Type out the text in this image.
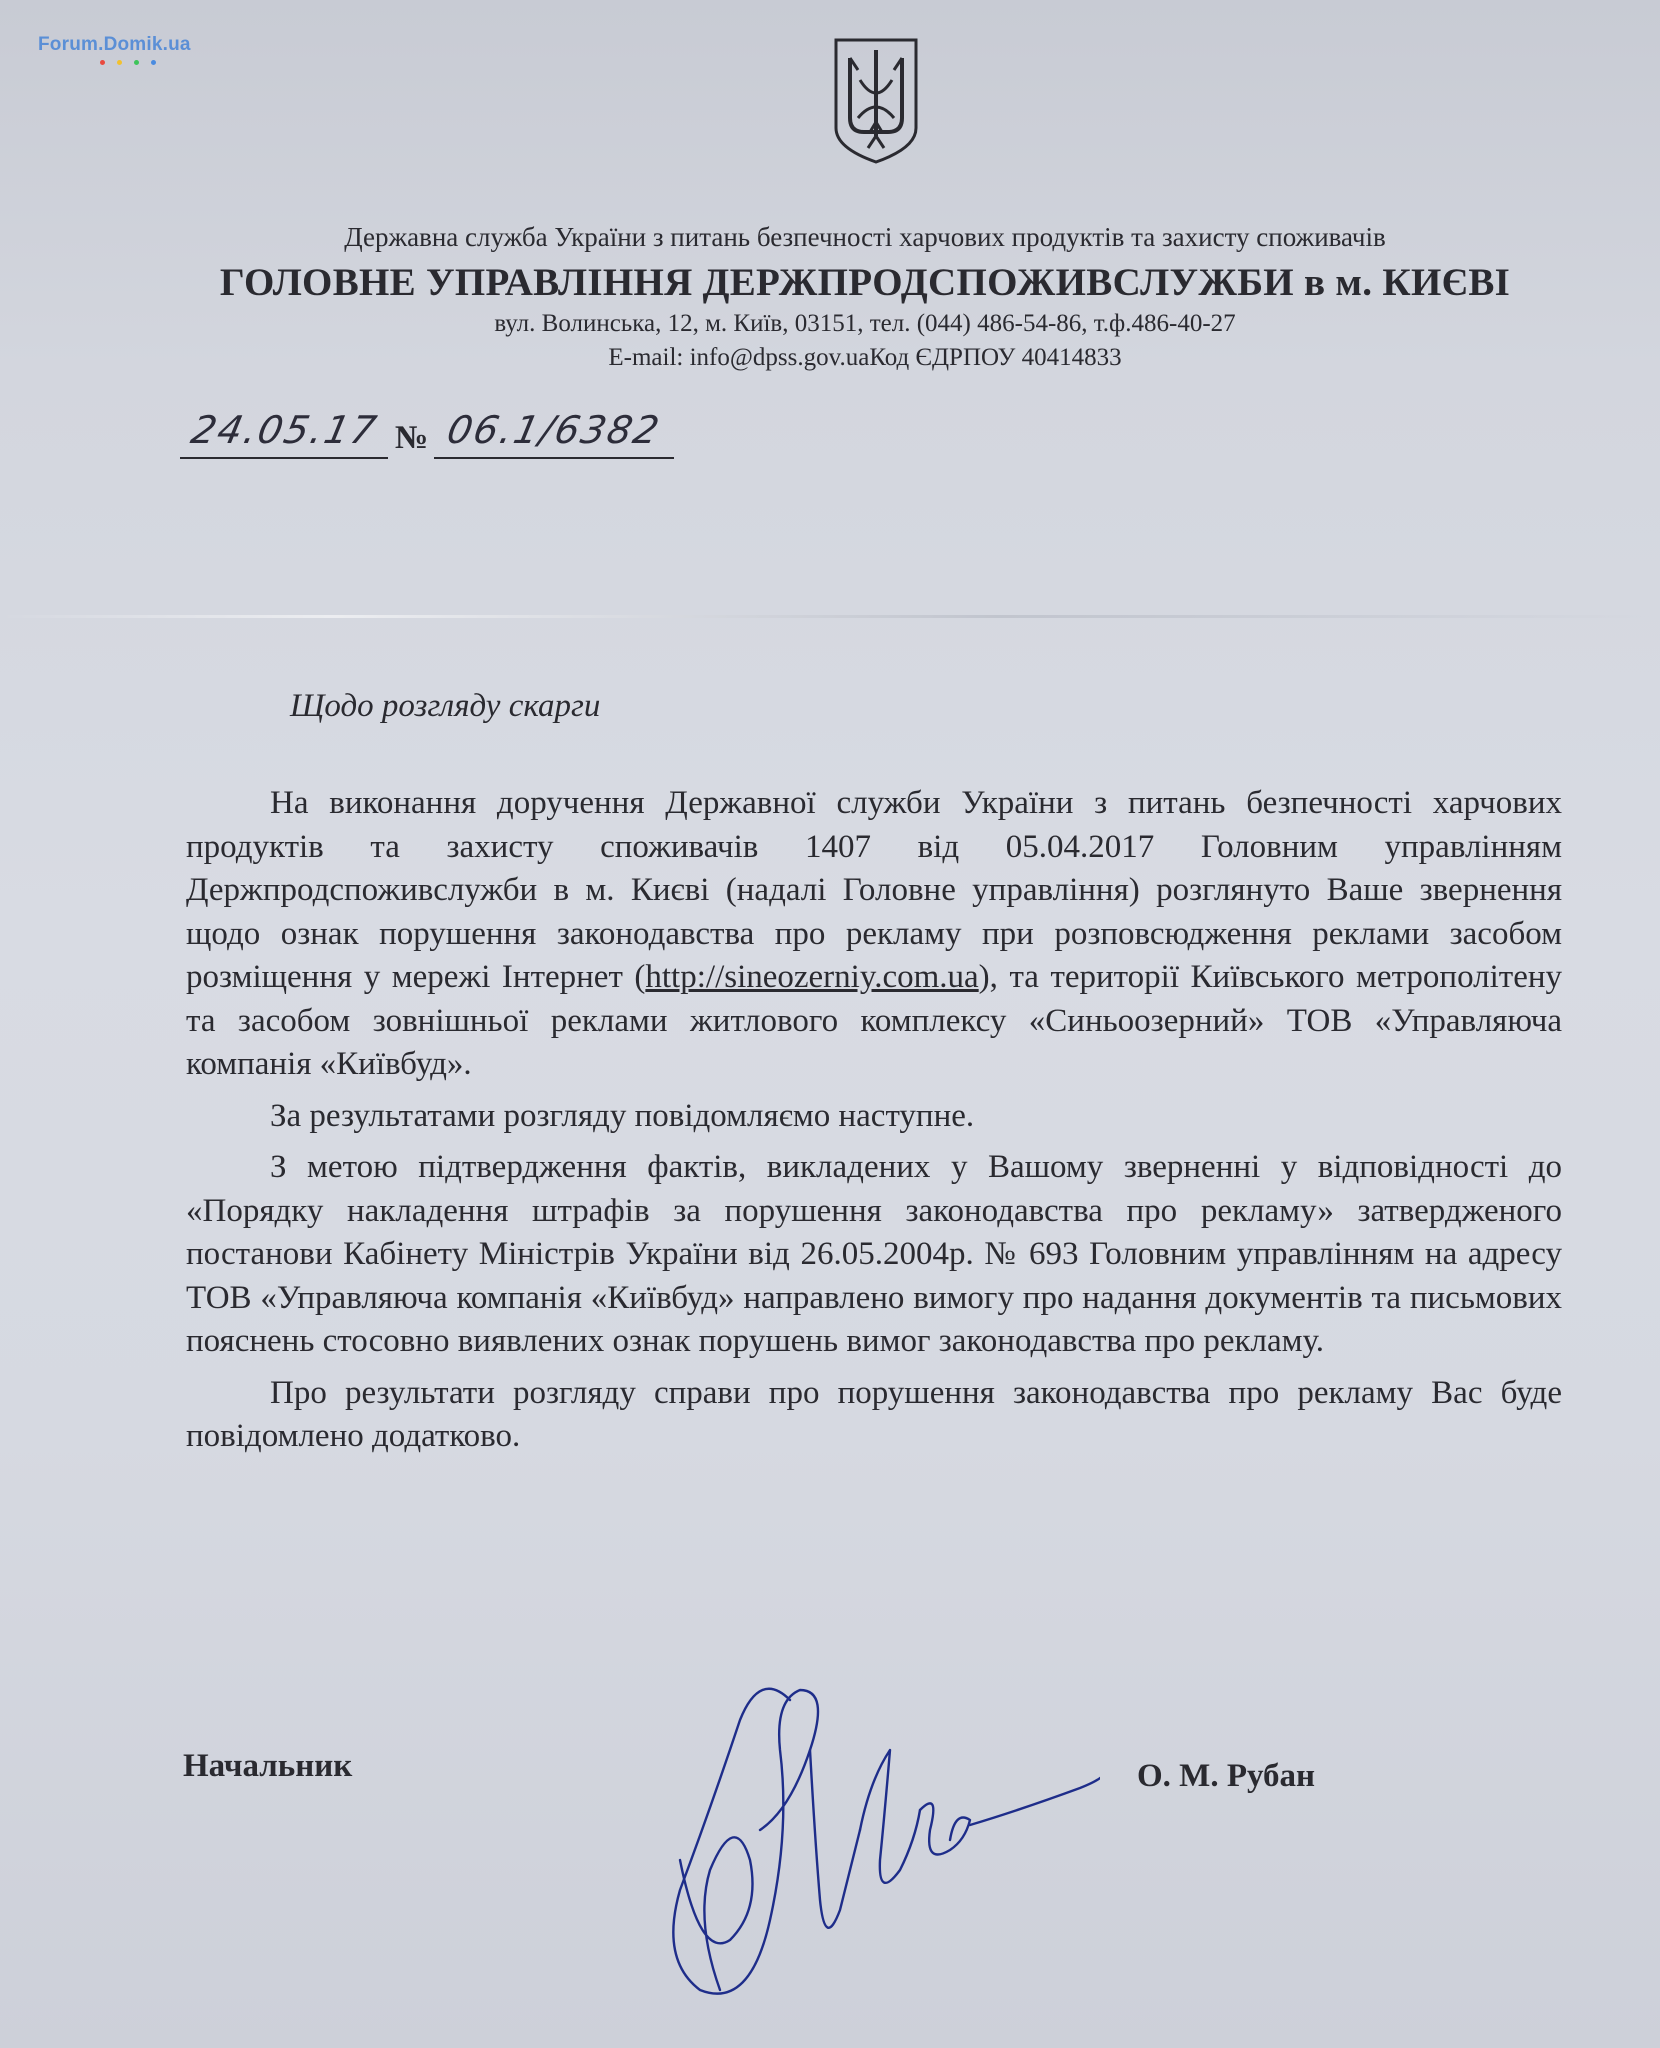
Forum.Domik.ua
Державна служба України з питань безпечності харчових продуктів та захисту споживачів
ГОЛОВНЕ УПРАВЛІННЯ ДЕРЖПРОДСПОЖИВСЛУЖБИ в м. КИЄВІ
вул. Волинська, 12, м. Київ, 03151, тел. (044) 486-54-86, т.ф.486-40-27
E-mail: info@dpss.gov.uaКод ЄДРПОУ 40414833
24.05.17 № 06.1/6382
Щодо розгляду скарги

На виконання доручення Державної служби України з питань безпечності харчових продуктів та захисту споживачів 1407 від 05.04.2017 Головним управлінням Держпродспоживслужби в м. Києві (надалі Головне управління) розглянуто Ваше звернення щодо ознак порушення законодавства про рекламу при розповсюдження реклами засобом розміщення у мережі Інтернет (http://sineozerniy.com.ua), та території Київського метрополітену та засобом зовнішньої реклами житлового комплексу «Синьоозерний» ТОВ «Управляюча компанія «Київбуд».

За результатами розгляду повідомляємо наступне.

З метою підтвердження фактів, викладених у Вашому зверненні у відповідності до «Порядку накладення штрафів за порушення законодавства про рекламу» затвердженого постанови Кабінету Міністрів України від 26.05.2004р. № 693 Головним управлінням на адресу ТОВ «Управляюча компанія «Київбуд» направлено вимогу про надання документів та письмових пояснень стосовно виявлених ознак порушень вимог законодавства про рекламу.

Про результати розгляду справи про порушення законодавства про рекламу Вас буде повідомлено додатково.

Начальник	О. М. Рубан
